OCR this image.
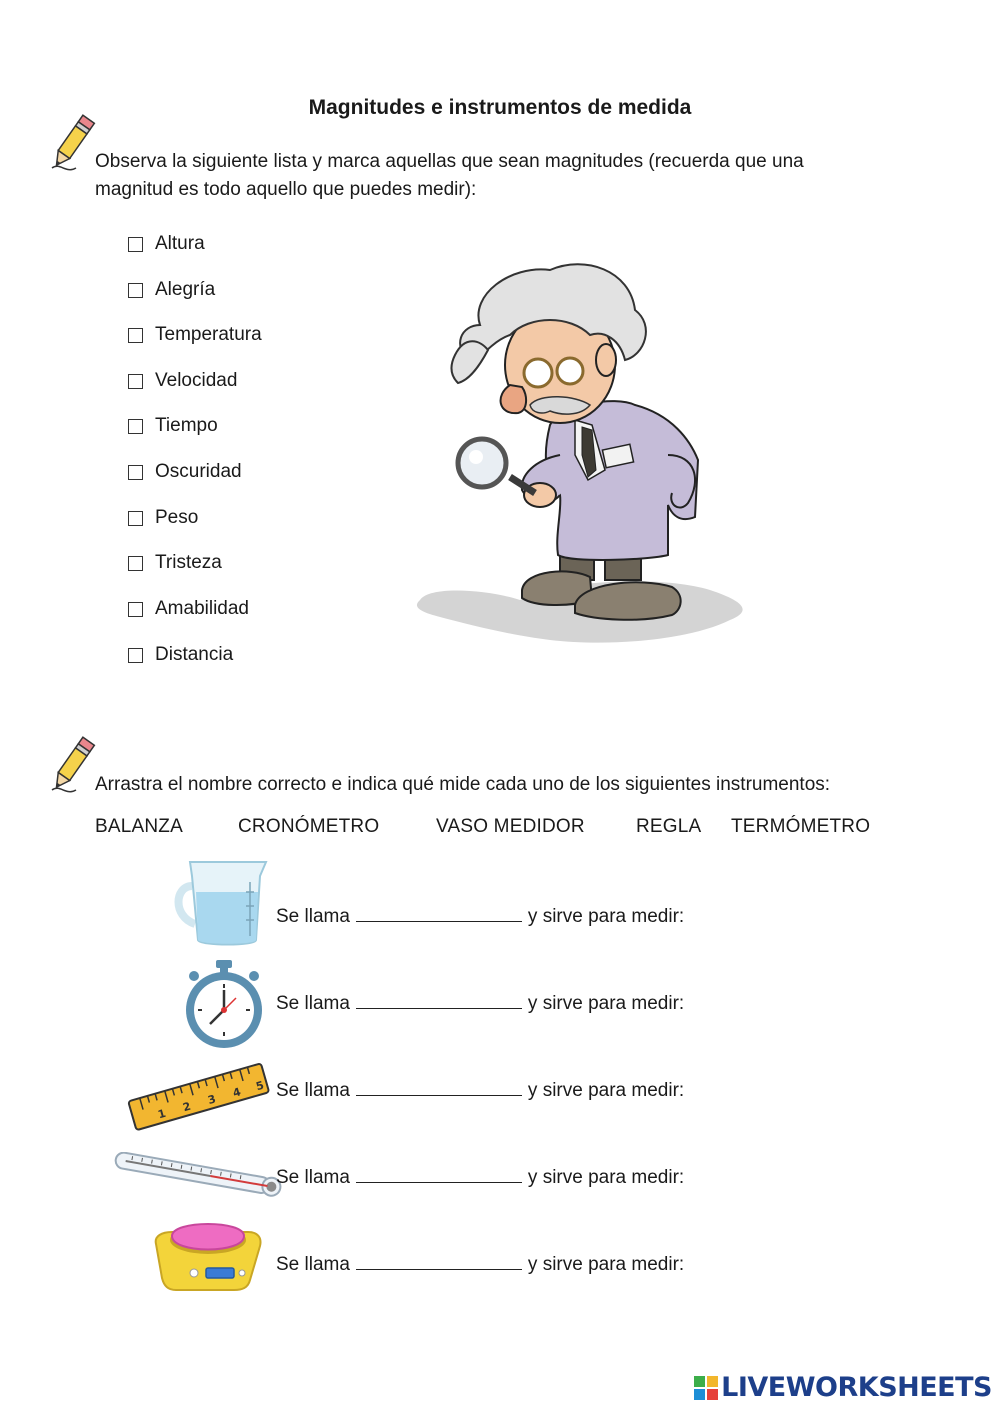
Magnitudes e instrumentos de medida
Observa la siguiente lista y marca aquellas que sean magnitudes (recuerda que una magnitud es todo aquello que puedes medir):
Altura
Alegría
Temperatura
Velocidad
Tiempo
Oscuridad
Peso
Tristeza
Amabilidad
Distancia
Arrastra el nombre correcto e indica qué mide cada uno de los siguientes instrumentos:
BALANZA	CRONÓMETRO	VASO MEDIDOR	REGLA TERMÓMETRO
1 2 3 4 5
Se llama	y sirve para medir:
Se llama	y sirve para medir:
Se llama	y sirve para medir:
Se llama	y sirve para medir:
Se llama	y sirve para medir:
LIVEWORKSHEETS
